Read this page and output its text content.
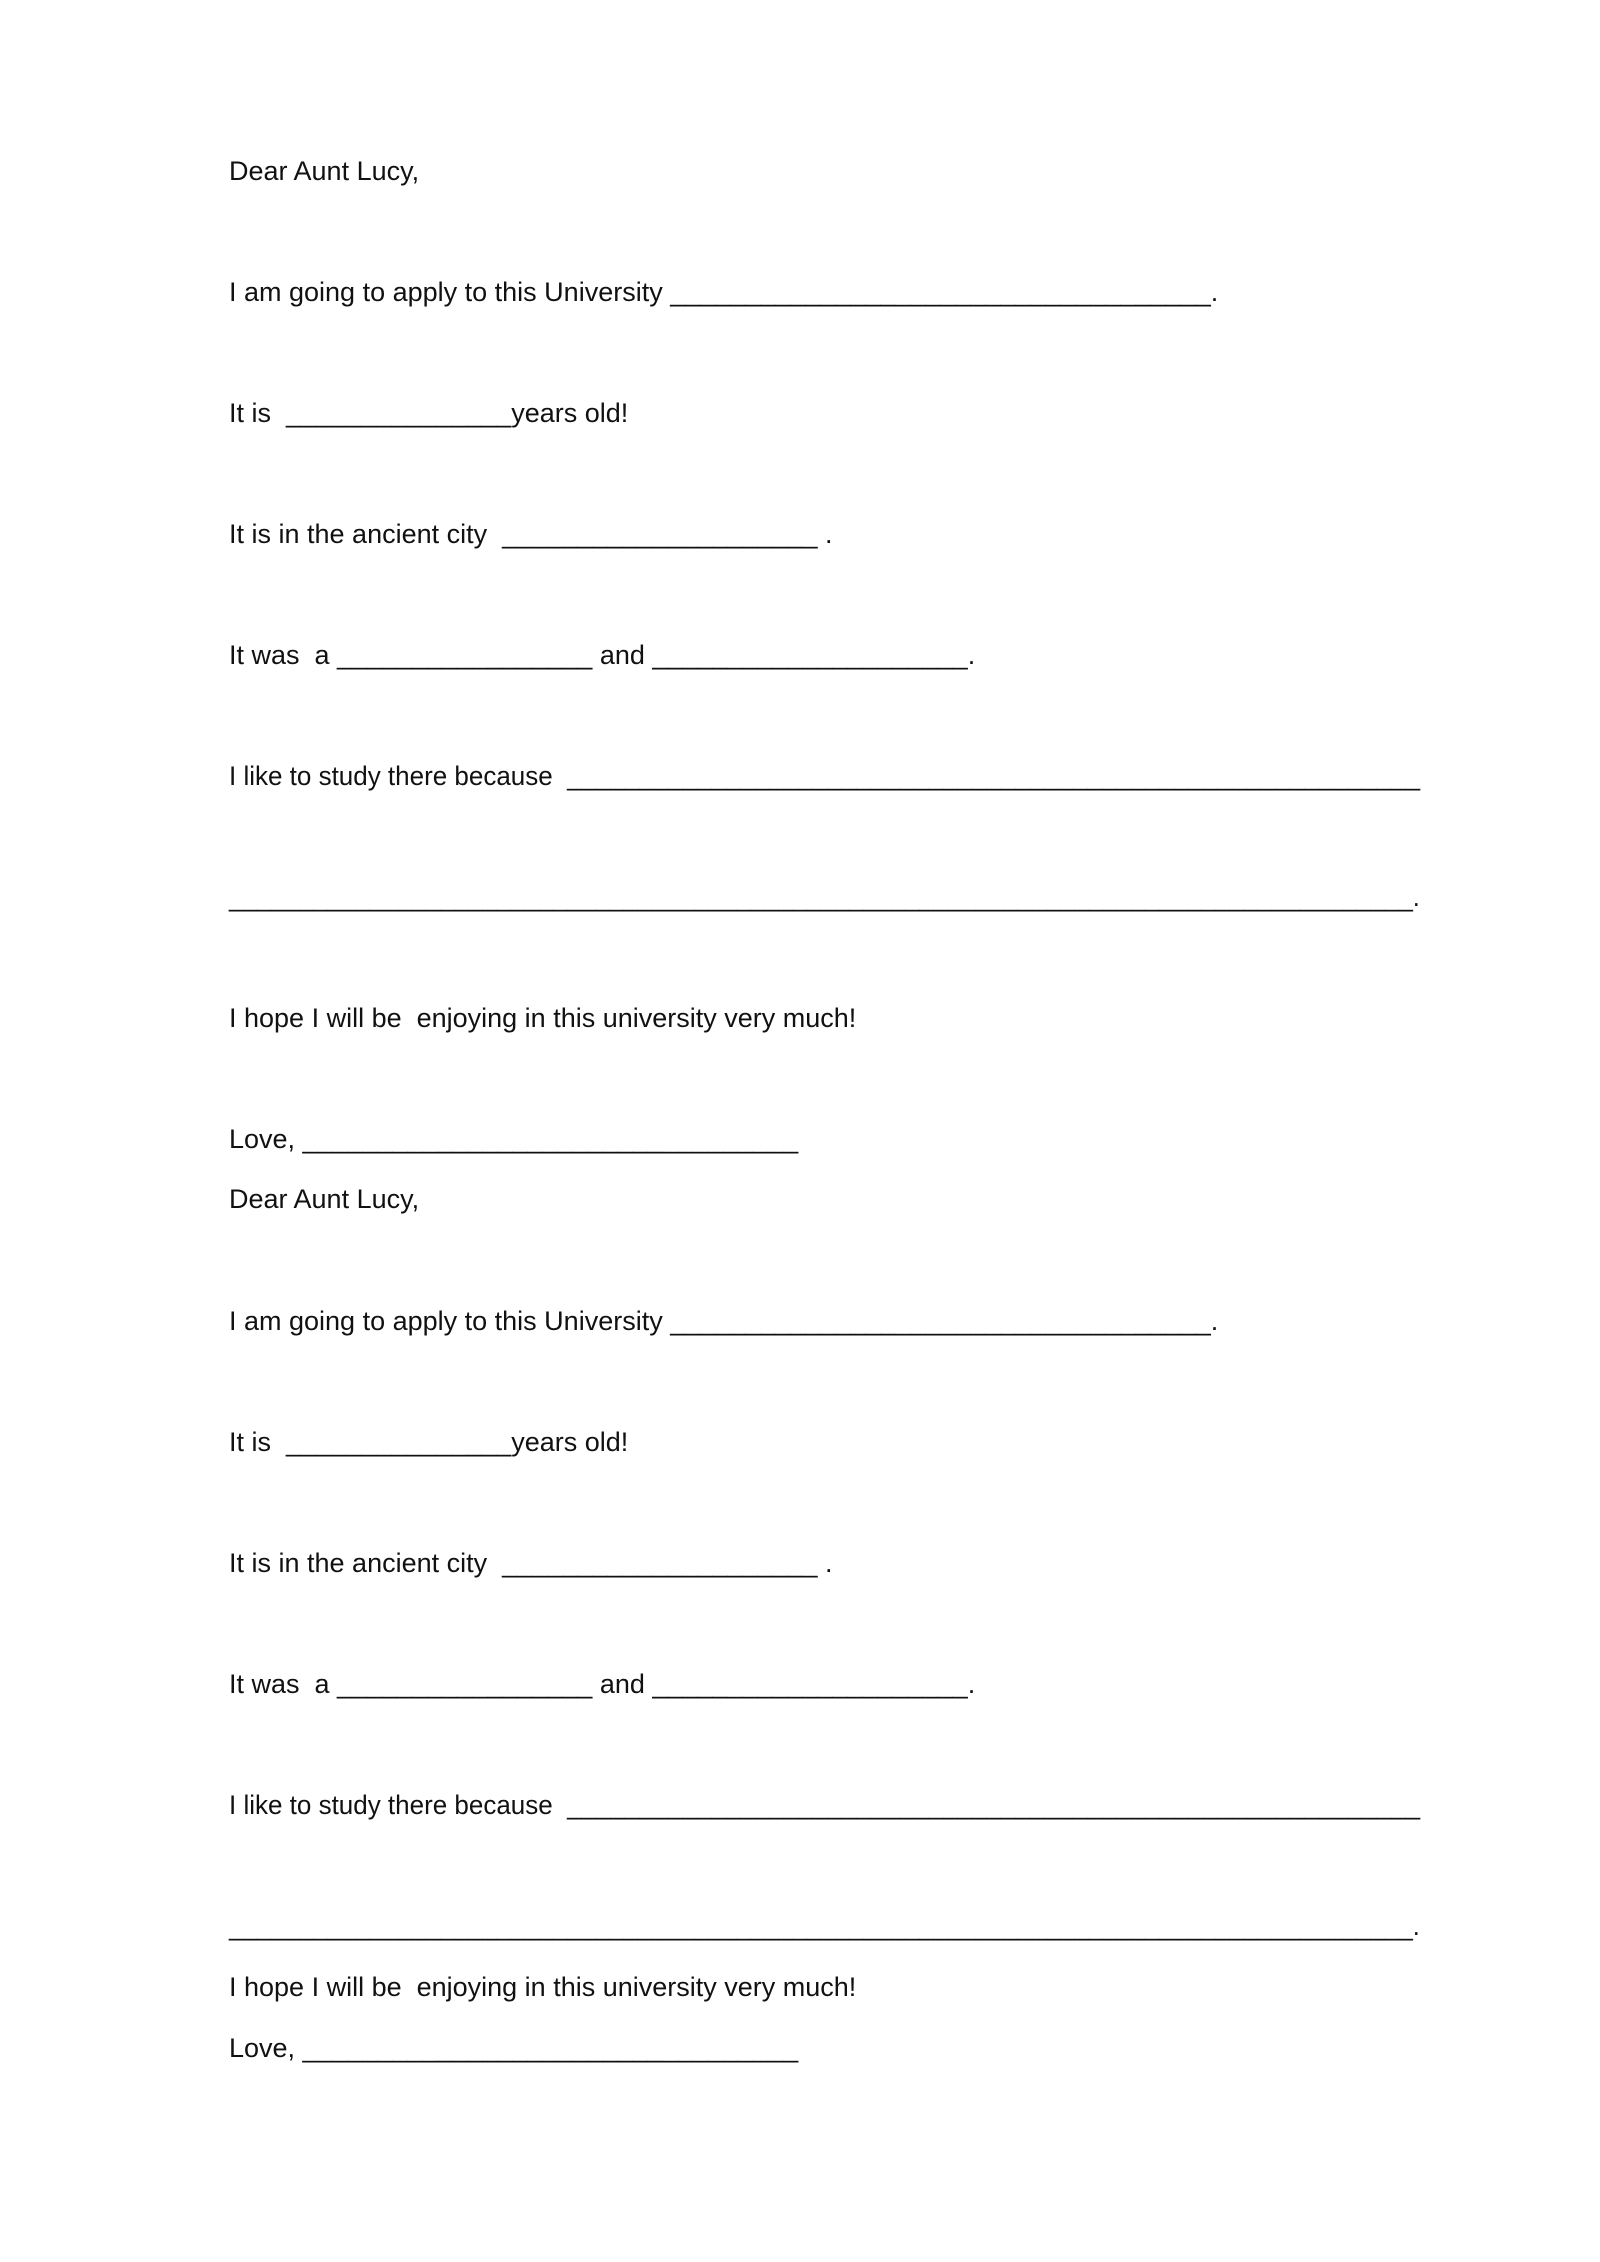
Dear Aunt Lucy,
I am going to apply to this University ____________________________________.
It is  _______________years old!
It is in the ancient city  _____________________ .
It was  a _________________ and _____________________.
I like to study there because  ___________________________________________________________
____________________________________________________________________________________.
I hope I will be  enjoying in this university very much!
Love, _________________________________
Dear Aunt Lucy,
I am going to apply to this University ____________________________________.
It is  _______________years old!
It is in the ancient city  _____________________ .
It was  a _________________ and _____________________.
I like to study there because  ___________________________________________________________
____________________________________________________________________________________.
I hope I will be  enjoying in this university very much!
Love, _________________________________
